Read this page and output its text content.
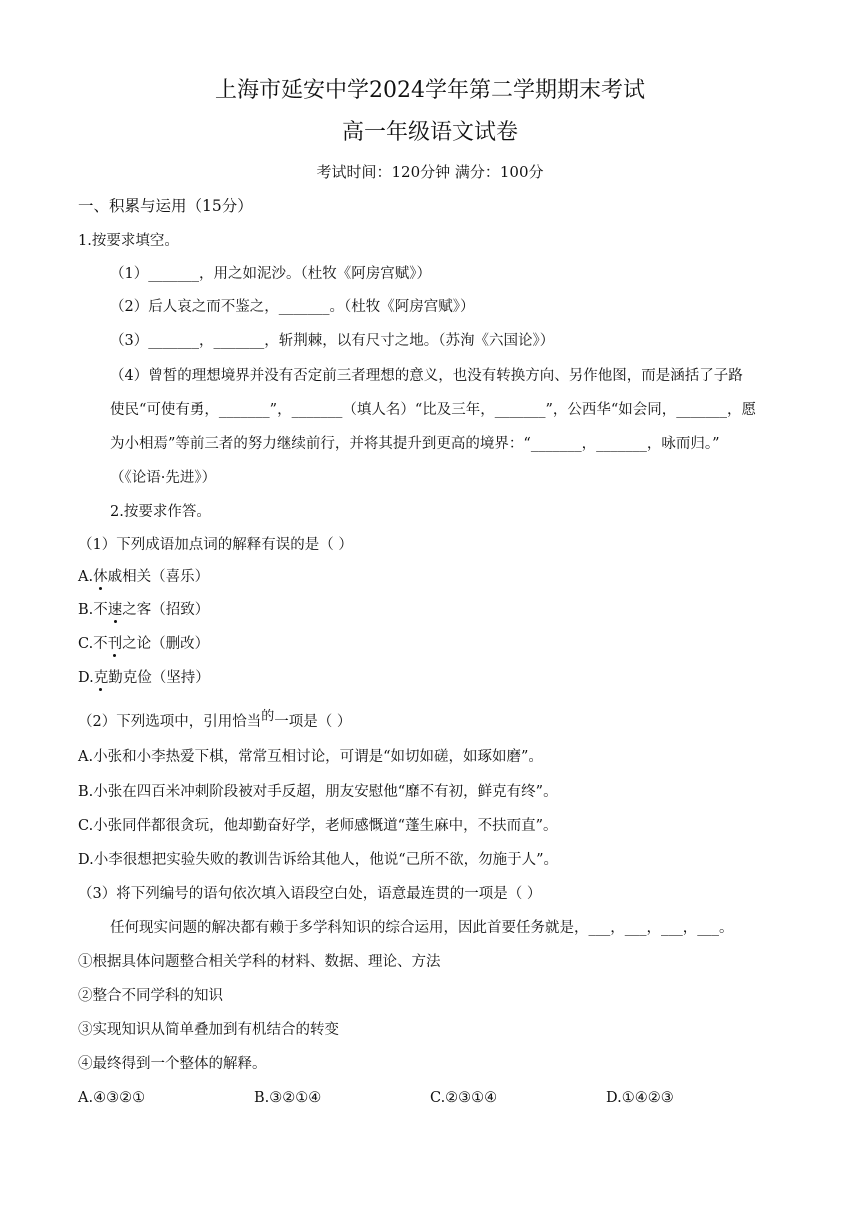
上海市延安中学2024学年第二学期期末考试
高一年级语文试卷
考试时间：120分钟 满分：100分
一、积累与运用（15分）
1.按要求填空。
（1）_______，用之如泥沙。（杜牧《阿房宫赋》）
（2）后人哀之而不鉴之，_______。（杜牧《阿房宫赋》）
（3）_______，_______，斩荆棘，以有尺寸之地。（苏洵《六国论》）
（4）曾皙的理想境界并没有否定前三者理想的意义，也没有转换方向、另作他图，而是涵括了子路
使民“可使有勇，_______”，_______（填人名）“比及三年，_______”，公西华“如会同，_______，愿
为小相焉”等前三者的努力继续前行，并将其提升到更高的境界：“_______，_______，咏而归。”
（《论语·先进》）
2.按要求作答。
（1）下列成语加点词的解释有误的是（ ）
A.休戚相关（喜乐）
B.不速之客（招致）
C.不刊之论（删改）
D.克勤克俭（坚持）
（2）下列选项中，引用恰当的一项是（ ）
A.小张和小李热爱下棋，常常互相讨论，可谓是“如切如磋，如琢如磨”。
B.小张在四百米冲刺阶段被对手反超，朋友安慰他“靡不有初，鲜克有终”。
C.小张同伴都很贪玩，他却勤奋好学，老师感慨道“蓬生麻中，不扶而直”。
D.小李很想把实验失败的教训告诉给其他人，他说“己所不欲，勿施于人”。
（3）将下列编号的语句依次填入语段空白处，语意最连贯的一项是（ ）
任何现实问题的解决都有赖于多学科知识的综合运用，因此首要任务就是，___，___，___，___。
①根据具体问题整合相关学科的材料、数据、理论、方法
②整合不同学科的知识
③实现知识从简单叠加到有机结合的转变
④最终得到一个整体的解释。
A.④③②①	B.③②①④	C.②③①④	D.①④②③
